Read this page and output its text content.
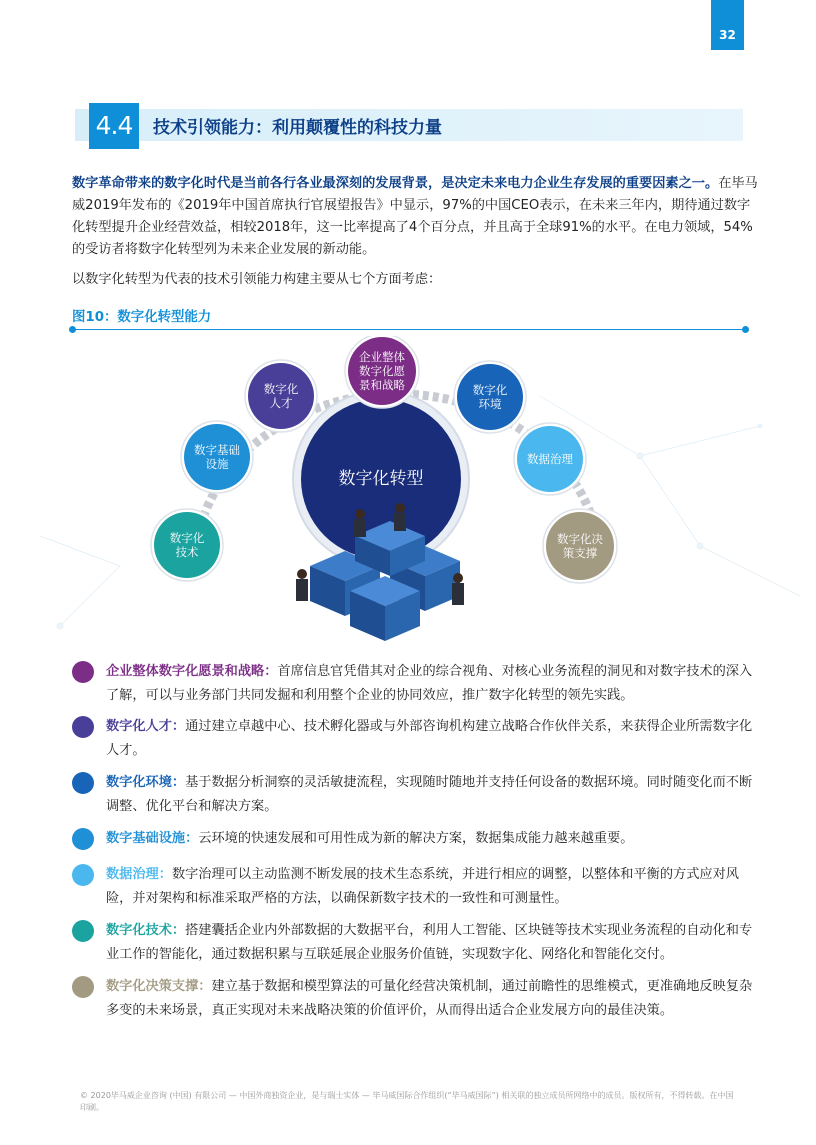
32
4.4	技术引领能力：利用颠覆性的科技力量
数字革命带来的数字化时代是当前各行各业最深刻的发展背景，是决定未来电力企业生存发展的重要因素之一。在毕马威2019年发布的《2019年中国首席执行官展望报告》中显示，97%的中国CEO表示，在未来三年内，期待通过数字化转型提升企业经营效益，相较2018年，这一比率提高了4个百分点，并且高于全球91%的水平。在电力领域，54%的受访者将数字化转型列为未来企业发展的新动能。
以数字化转型为代表的技术引领能力构建主要从七个方面考虑：
图10：数字化转型能力
数字化转型
数字化
技术
数字基础
设施
数字化
人才
企业整体
数字化愿
景和战略	数字化
环境
数据治理
数字化决
策支撑
企业整体数字化愿景和战略：首席信息官凭借其对企业的综合视角、对核心业务流程的洞见和对数字技术的深入了解，可以与业务部门共同发掘和利用整个企业的协同效应，推广数字化转型的领先实践。
数字化人才：通过建立卓越中心、技术孵化器或与外部咨询机构建立战略合作伙伴关系，来获得企业所需数字化人才。
数字化环境：基于数据分析洞察的灵活敏捷流程，实现随时随地并支持任何设备的数据环境。同时随变化而不断调整、优化平台和解决方案。
数字基础设施：云环境的快速发展和可用性成为新的解决方案，数据集成能力越来越重要。
数据治理：数字治理可以主动监测不断发展的技术生态系统，并进行相应的调整，以整体和平衡的方式应对风险，并对架构和标准采取严格的方法，以确保新数字技术的一致性和可测量性。
数字化技术：搭建囊括企业内外部数据的大数据平台，利用人工智能、区块链等技术实现业务流程的自动化和专业工作的智能化，通过数据积累与互联延展企业服务价值链，实现数字化、网络化和智能化交付。
数字化决策支撑：建立基于数据和模型算法的可量化经营决策机制，通过前瞻性的思维模式，更准确地反映复杂多变的未来场景，真正实现对未来战略决策的价值评价，从而得出适合企业发展方向的最佳决策。
© 2020毕马威企业咨询 (中国) 有限公司 — 中国外商独资企业，是与瑞士实体 — 毕马威国际合作组织(“毕马威国际”) 相关联的独立成员所网络中的成员。版权所有，不得转载。在中国印刷。
